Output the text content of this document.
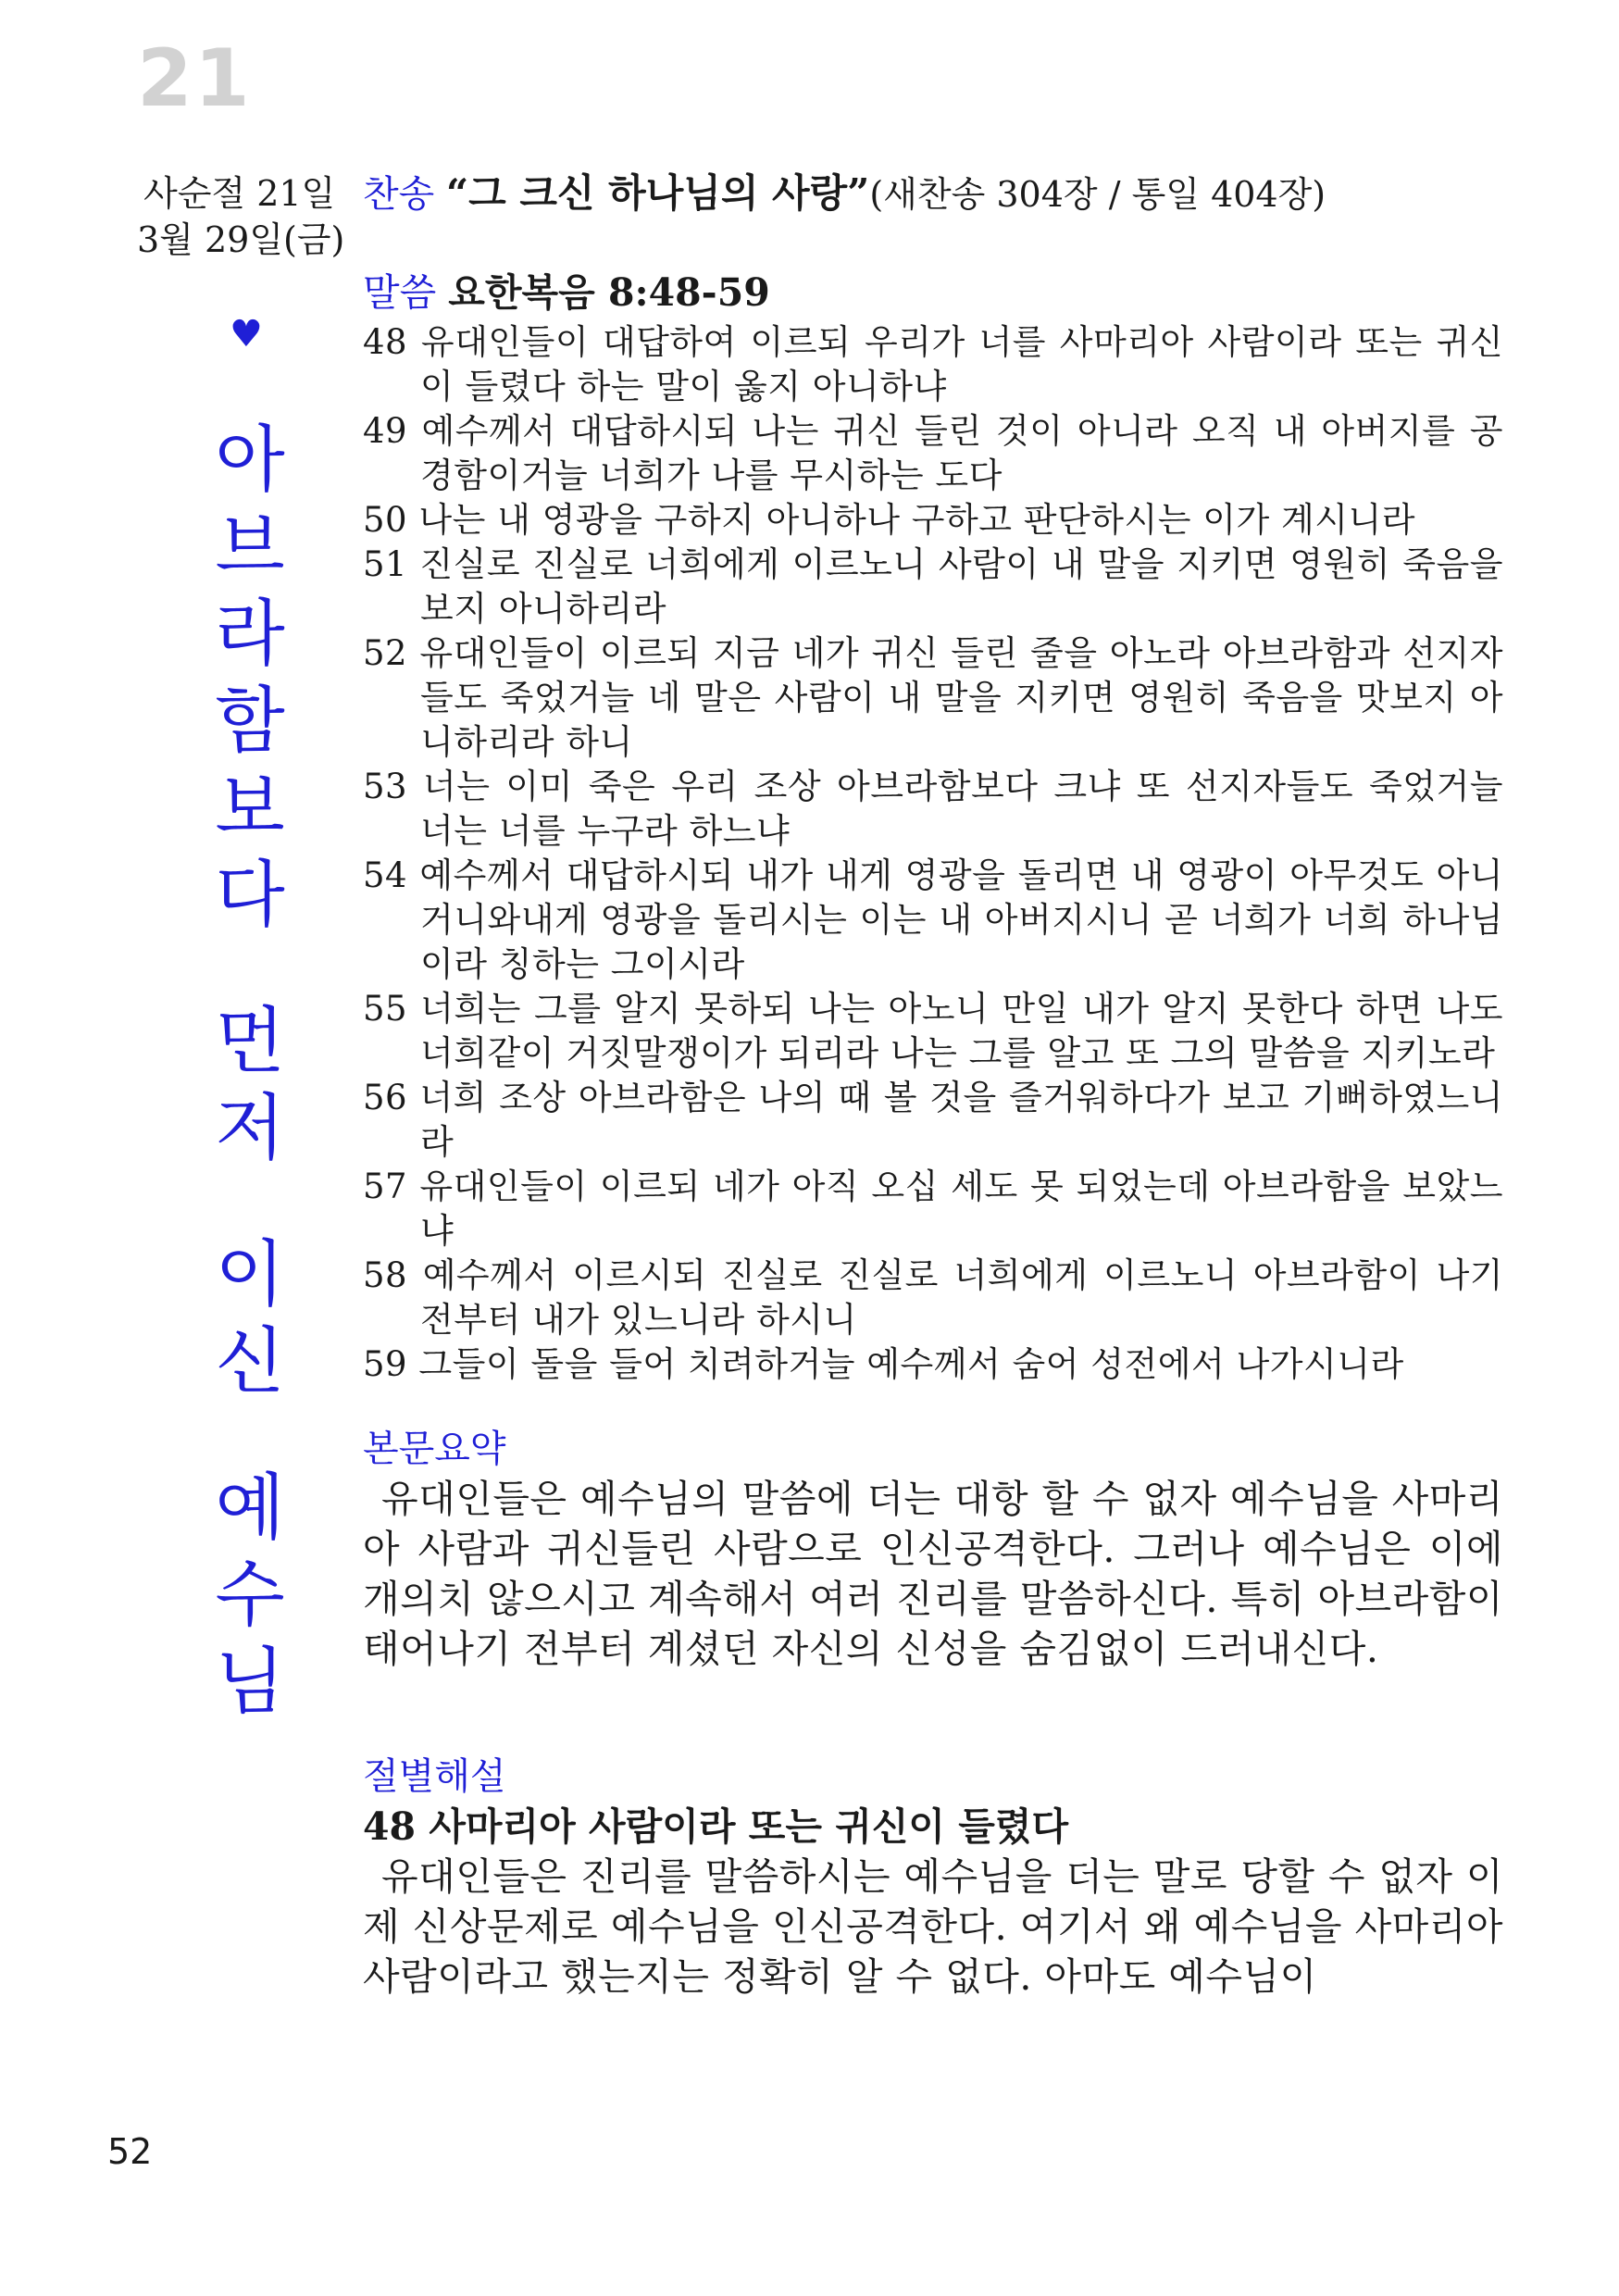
21
사순절 21일
3월 29일(금)
찬송 “그 크신 하나님의 사랑”(새찬송 304장 / 통일 404장)
♥
아
브
라
함
보
다
먼
저
이
신
예
수
님
말씀 요한복음 8:48-59
48 유대인들이 대답하여 이르되 우리가 너를 사마리아 사람이라 또는 귀신이 들렸다 하는 말이 옳지 아니하냐
49 예수께서 대답하시되 나는 귀신 들린 것이 아니라 오직 내 아버지를 공경함이거늘 너희가 나를 무시하는 도다
50 나는 내 영광을 구하지 아니하나 구하고 판단하시는 이가 계시니라
51 진실로 진실로 너희에게 이르노니 사람이 내 말을 지키면 영원히 죽음을 보지 아니하리라
52 유대인들이 이르되 지금 네가 귀신 들린 줄을 아노라 아브라함과 선지자들도 죽었거늘 네 말은 사람이 내 말을 지키면 영원히 죽음을 맛보지 아니하리라 하니
53 너는 이미 죽은 우리 조상 아브라함보다 크냐 또 선지자들도 죽었거늘 너는 너를 누구라 하느냐
54 예수께서 대답하시되 내가 내게 영광을 돌리면 내 영광이 아무것도 아니거니와내게 영광을 돌리시는 이는 내 아버지시니 곧 너희가 너희 하나님이라 칭하는 그이시라
55 너희는 그를 알지 못하되 나는 아노니 만일 내가 알지 못한다 하면 나도 너희같이 거짓말쟁이가 되리라 나는 그를 알고 또 그의 말씀을 지키노라
56 너희 조상 아브라함은 나의 때 볼 것을 즐거워하다가 보고 기뻐하였느니라
57 유대인들이 이르되 네가 아직 오십 세도 못 되었는데 아브라함을 보았느냐
58 예수께서 이르시되 진실로 진실로 너희에게 이르노니 아브라함이 나기 전부터 내가 있느니라 하시니
59 그들이 돌을 들어 치려하거늘 예수께서 숨어 성전에서 나가시니라
본문요약
유대인들은 예수님의 말씀에 더는 대항 할 수 없자 예수님을 사마리아 사람과 귀신들린 사람으로 인신공격한다. 그러나 예수님은 이에 개의치 않으시고 계속해서 여러 진리를 말씀하신다. 특히 아브라함이 태어나기 전부터 계셨던 자신의 신성을 숨김없이 드러내신다.
절별해설
48 사마리아 사람이라 또는 귀신이 들렸다
유대인들은 진리를 말씀하시는 예수님을 더는 말로 당할 수 없자 이제 신상문제로 예수님을 인신공격한다. 여기서 왜 예수님을 사마리아 사람이라고 했는지는 정확히 알 수 없다. 아마도 예수님이
52
